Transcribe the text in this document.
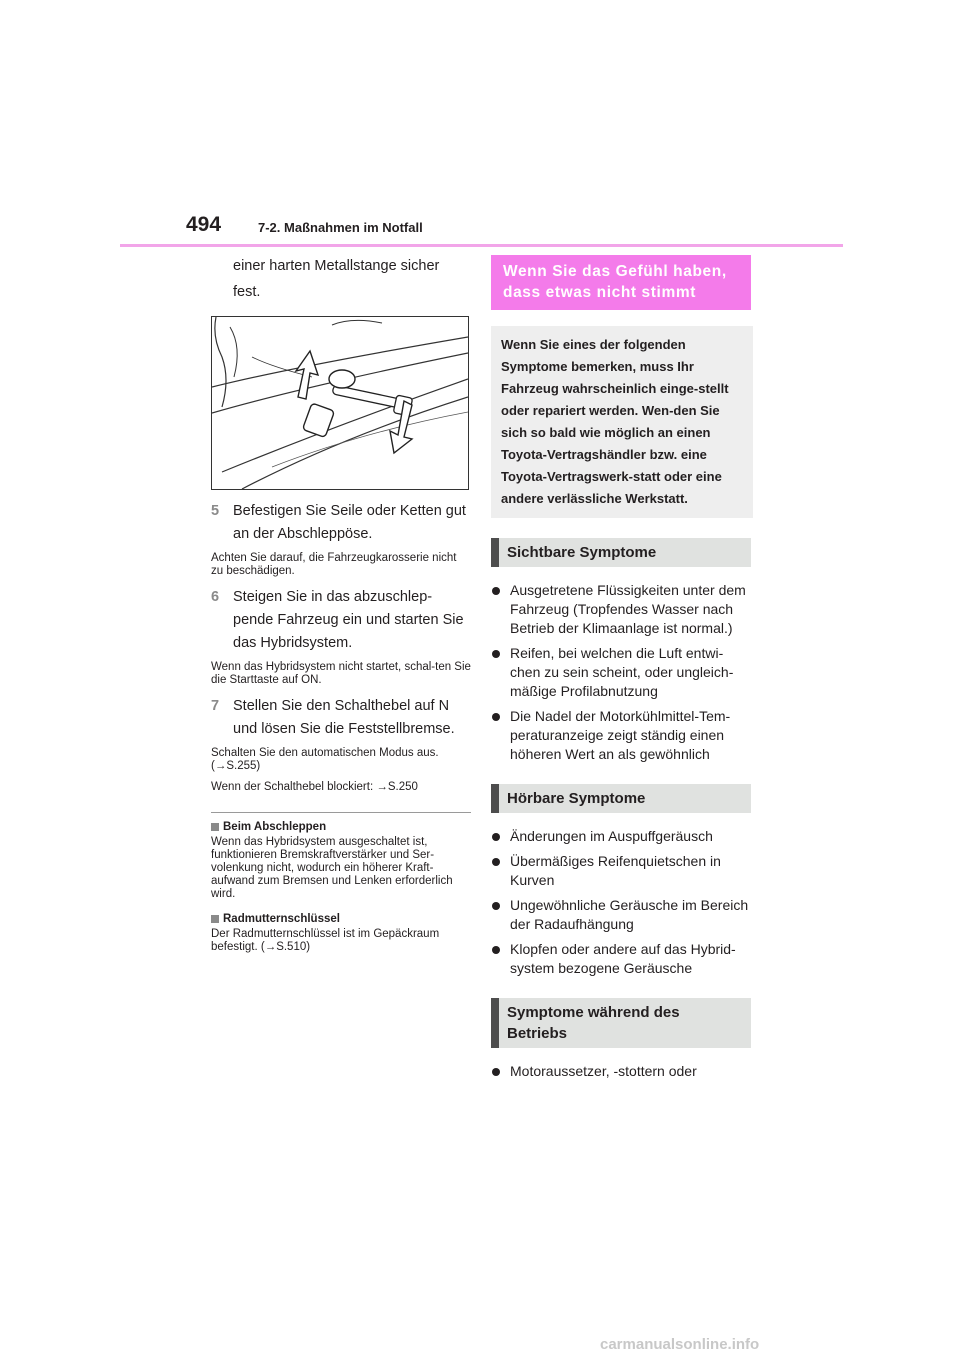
494	7-2. Maßnahmen im Notfall

einer harten Metallstange sicher

fest.

5 Befestigen Sie Seile oder Ketten gut
an der Abschleppöse.

Achten Sie darauf, die Fahrzeugkarosserie nicht zu beschädigen.

6 Steigen Sie in das abzuschlep-
pende Fahrzeug ein und starten Sie
das Hybridsystem.

Wenn das Hybridsystem nicht startet, schal-ten Sie die Starttaste auf ON.

7 Stellen Sie den Schalthebel auf N
und lösen Sie die Feststellbremse.

Schalten Sie den automatischen Modus aus. (→S.255)

Wenn der Schalthebel blockiert: →S.250

Beim Abschleppen

Wenn das Hybridsystem ausgeschaltet ist, funktionieren Bremskraftverstärker und Ser-volenkung nicht, wodurch ein höherer Kraft-aufwand zum Bremsen und Lenken erforderlich wird.

Radmutternschlüssel

Der Radmutternschlüssel ist im Gepäckraum befestigt. (→S.510)

Wenn Sie das Gefühl haben, dass etwas nicht stimmt
Wenn Sie eines der folgenden Symptome bemerken, muss Ihr Fahrzeug wahrscheinlich einge-stellt oder repariert werden. Wen-den Sie sich so bald wie möglich an einen Toyota-Vertragshändler bzw. eine Toyota-Vertragswerk-statt oder eine andere verlässliche Werkstatt.
Sichtbare Symptome
Ausgetretene Flüssigkeiten unter dem Fahrzeug (Tropfendes Wasser nach Betrieb der Klimaanlage ist normal.)
Reifen, bei welchen die Luft entwi-chen zu sein scheint, oder ungleich-mäßige Profilabnutzung
Die Nadel der Motorkühlmittel-Tem-peraturanzeige zeigt ständig einen höheren Wert an als gewöhnlich
Hörbare Symptome
Änderungen im Auspuffgeräusch
Übermäßiges Reifenquietschen in Kurven
Ungewöhnliche Geräusche im Bereich der Radaufhängung
Klopfen oder andere auf das Hybrid-system bezogene Geräusche
Symptome während des Betriebs
Motoraussetzer, -stottern oder
carmanualsonline.info
